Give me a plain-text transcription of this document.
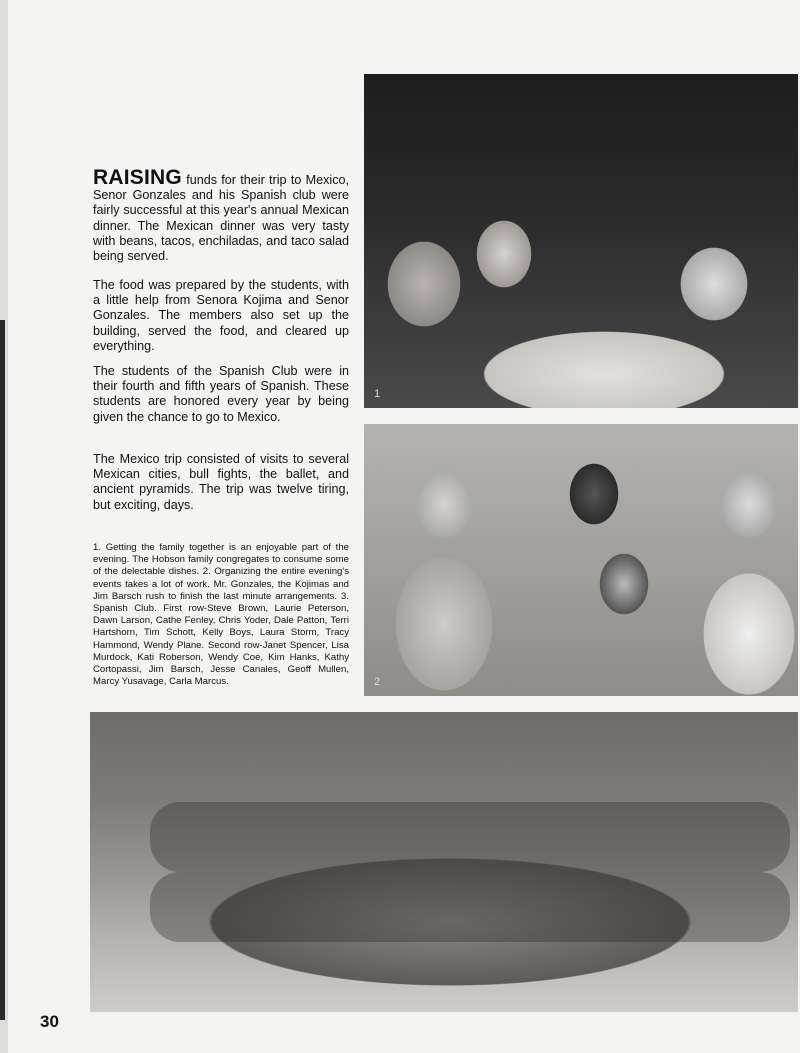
1
2

RAISING funds for their trip to Mexico, Senor Gonzales and his Spanish club were fairly successful at this year's annual Mexican dinner. The Mexican dinner was very tasty with beans, tacos, enchiladas, and taco salad being served.

The food was prepared by the students, with a little help from Senora Kojima and Senor Gonzales. The members also set up the building, served the food, and cleared up everything.

The students of the Spanish Club were in their fourth and fifth years of Spanish. These students are honored every year by being given the chance to go to Mexico.

The Mexico trip consisted of visits to several Mexican cities, bull fights, the ballet, and ancient pyramids. The trip was twelve tiring, but exciting, days.

1. Getting the family together is an enjoyable part of the evening. The Hobson family congregates to consume some of the delectable dishes. 2. Organizing the entire evening's events takes a lot of work. Mr. Gonzales, the Kojimas and Jim Barsch rush to finish the last minute arrangements. 3. Spanish Club. First row-Steve Brown, Laurie Peterson, Dawn Larson, Cathe Fenley, Chris Yoder, Dale Patton, Terri Hartshorn, Tim Schott, Kelly Boys, Laura Storm, Tracy Hammond, Wendy Plane. Second row-Janet Spencer, Lisa Murdock, Kati Roberson, Wendy Coe, Kim Hanks, Kathy Cortopassi, Jim Barsch, Jesse Canales, Geoff Mullen, Marcy Yusavage, Carla Marcus.

30
